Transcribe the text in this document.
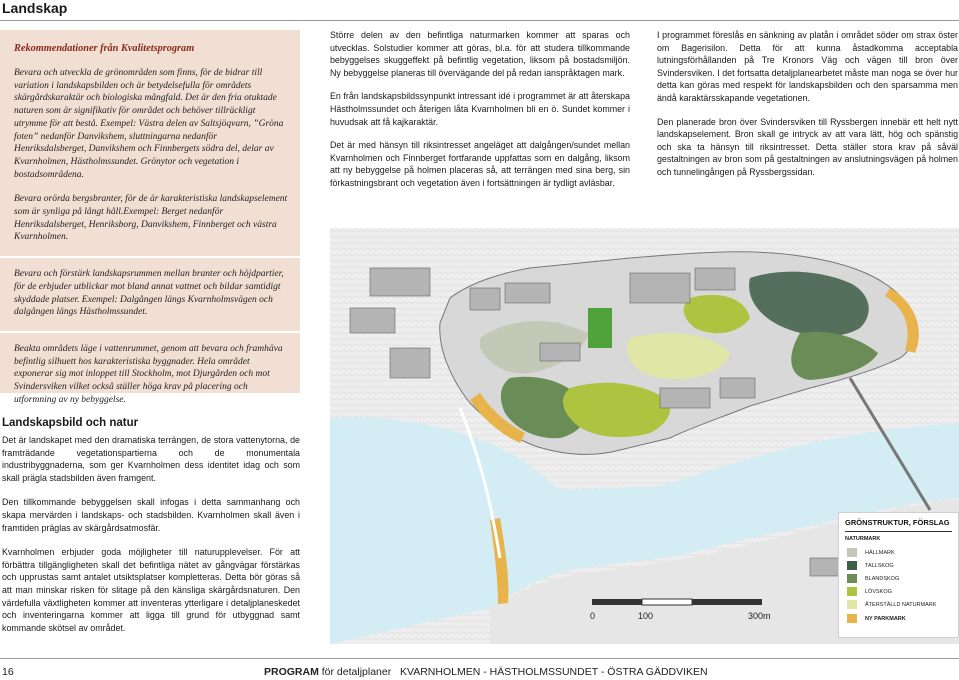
Landskap
Rekommendationer från Kvalitetsprogram
Bevara och utveckla de grönområden som finns, för de bidrar till variation i landskapsbilden och är betydelsefulla för områdets skärgårdskaraktär och biologiska mångfald. Det är den fria otuktade naturen som är signifikativ för området och behöver tillräckligt utrymme för att bestå. Exempel: Västra delen av Saltsjöqvarn, ”Gröna foten” nedanför Danvikshem, sluttningarna nedanför Henriksdalsberget, Danvikshem och Finnbergets södra del, delar av Kvarnholmen, Hästholmssundet. Grönytor och vegetation i bostadsområdena.
Bevara orörda bergsbranter, för de är karakteristiska landskapselement som är synliga på långt håll.Exempel: Berget nedanför Henriksdalsberget, Henriksborg, Danvikshem, Finnberget och västra Kvarnholmen.
Bevara och förstärk landskapsrummen mellan branter och höjdpartier, för de erbjuder utblickar mot bland annat vattnet och bildar samtidigt skyddade platser. Exempel: Dalgången längs Kvarnholmsvägen och dalgången längs Hästholmssundet.
Beakta områdets läge i vattenrummet, genom att bevara och framhäva befintlig silhuett hos karakteristiska byggnader. Hela området exponerar sig mot inloppet till Stockholm, mot Djurgården och mot Svindersviken vilket också ställer höga krav på placering och utformning av ny bebyggelse.
Landskapsbild och natur

Det är landskapet med den dramatiska terrängen, de stora vattenytorna, de framträdande vegetationspartierna och de monumentala industribyggnaderna, som ger Kvarnholmen dess identitet idag och som skall prägla stadsbilden även framgent.

Den tillkommande bebyggelsen skall infogas i detta sammanhang och skapa mervärden i landskaps- och stadsbilden. Kvarnholmen skall även i framtiden präglas av skärgårdsatmosfär.

Kvarnholmen erbjuder goda möjligheter till naturupplevelser. För att förbättra tillgängligheten skall det befintliga nätet av gångvägar förstärkas och upprustas samt antalet utsiktsplatser kompletteras. Detta bör göras så att man minskar risken för slitage på den känsliga skärgårdsnaturen. Den värdefulla växtligheten kommer att inventeras ytterligare i detaljplaneskedet och inventeringarna kommer att ligga till grund för utbyggnad samt kommande skötsel av området.

Större delen av den befintliga naturmarken kommer att sparas och utvecklas. Solstudier kommer att göras, bl.a. för att studera tillkommande bebyggelses skuggeffekt på befintlig vegetation, liksom på bostadsmiljön. Ny bebyggelse planeras till övervägande del på redan ianspråktagen mark.

En från landskapsbildssynpunkt intressant idé i programmet är att återskapa Hästholmssundet och återigen låta Kvarnholmen bli en ö. Sundet kommer i huvudsak att få kajkaraktär.

Det är med hänsyn till riksintresset angeläget att dalgången/sundet mellan Kvarnholmen och Finnberget fortfarande uppfattas som en dalgång, liksom att ny bebyggelse på holmen placeras så, att terrängen med sina berg, sin förkastningsbrant och vegetation även i fortsättningen är tydligt avläsbar.

I programmet föreslås en sänkning av platån i området söder om strax öster om Bagerisilon. Detta för att kunna åstadkomma acceptabla lutningsförhållanden på Tre Kronors Väg och vägen till bron över Svindersviken. I det fortsatta detaljplanearbetet måste man noga se över hur detta kan göras med respekt för landskapsbilden och den sparsamma men ändå karaktärsskapande vegetationen.

Den planerade bron över Svindersviken till Ryssbergen innebär ett helt nytt landskapselement. Bron skall ge intryck av att vara lätt, hög och spänstig och ska ta hänsyn till riksintresset. Detta ställer stora krav på såväl gestaltningen av bron som på gestaltningen av anslutningsvägen på holmen och tunnelingången på Ryssbergssidan.

GRÖNSTRUKTUR, FÖRSLAG
NATURMARK
HÄLLMARK
TALLSKOG
BLANDSKOG
LÖVSKOG
ÅTERSTÄLLD NATURMARK
NY PARKMARK
0	100	300m
16	PROGRAM för detaljplaner   KVARNHOLMEN - HÄSTHOLMSSUNDET - ÖSTRA GÄDDVIKEN
